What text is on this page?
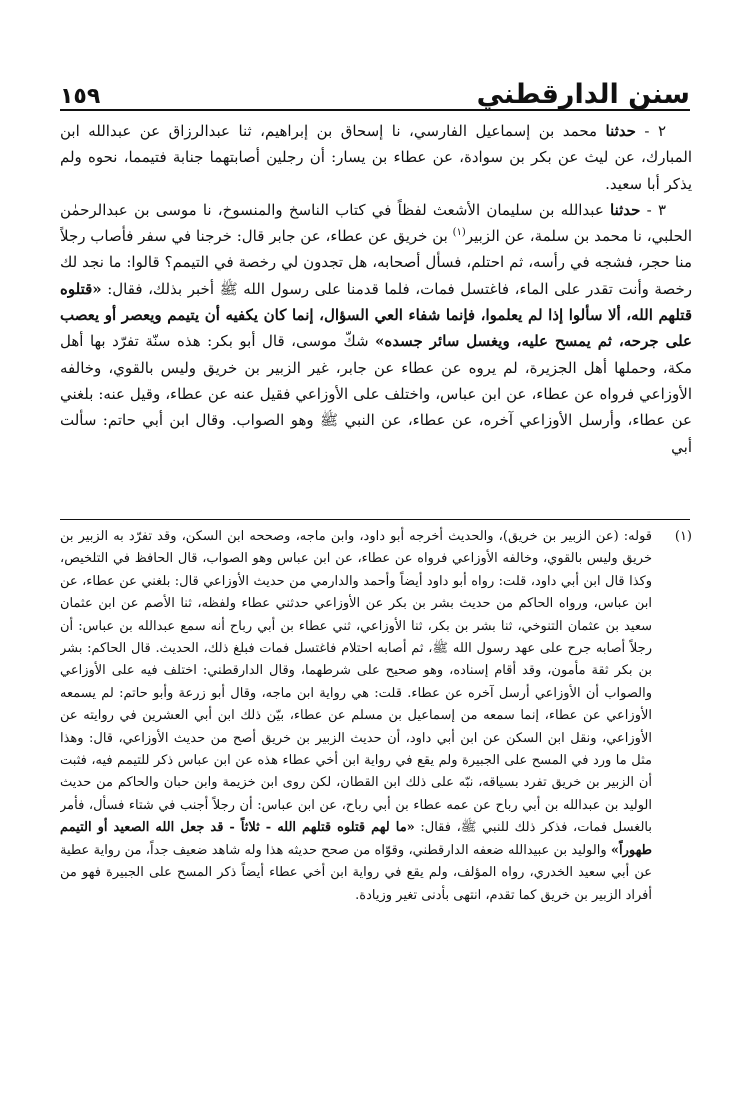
سنن الدارقطني
١٥٩

٢ - حدثنا محمد بن إسماعيل الفارسي، نا إسحاق بن إبراهيم، ثنا عبدالرزاق عن عبدالله ابن المبارك، عن ليث عن بكر بن سوادة، عن عطاء بن يسار: أن رجلين أصابتهما جنابة فتيمما، نحوه ولم يذكر أبا سعيد.

٣ - حدثنا عبدالله بن سليمان الأشعث لفظاً في كتاب الناسخ والمنسوخ، نا موسى بن عبدالرحمٰن الحلبي، نا محمد بن سلمة، عن الزبير$^{(١)}$ بن خريق عن عطاء، عن جابر قال: خرجنا في سفر فأصاب رجلاً منا حجر، فشجه في رأسه، ثم احتلم، فسأل أصحابه، هل تجدون لي رخصة في التيمم؟ قالوا: ما نجد لك رخصة وأنت تقدر على الماء، فاغتسل فمات، فلما قدمنا على رسول الله ﷺ أخبر بذلك، فقال: «قتلوه قتلهم الله، ألا سألوا إذا لم يعلموا، فإنما شفاء العي السؤال، إنما كان يكفيه أن يتيمم ويعصر أو يعصب على جرحه، ثم يمسح عليه، ويغسل سائر جسده» شكّ موسى، قال أبو بكر: هذه سنّة تفرّد بها أهل مكة، وحملها أهل الجزيرة، لم يروه عن عطاء عن جابر، غير الزبير بن خريق وليس بالقوي، وخالفه الأوزاعي فرواه عن عطاء، عن ابن عباس، واختلف على الأوزاعي فقيل عنه عن عطاء، وقيل عنه: بلغني عن عطاء، وأرسل الأوزاعي آخره، عن عطاء، عن النبي ﷺ وهو الصواب. وقال ابن أبي حاتم: سألت أبي

(١)
قوله: (عن الزبير بن خريق)، والحديث أخرجه أبو داود، وابن ماجه، وصححه ابن السكن، وقد تفرّد به الزبير بن خريق وليس بالقوي، وخالفه الأوزاعي فرواه عن عطاء، عن ابن عباس وهو الصواب، قال الحافظ في التلخيص، وكذا قال ابن أبي داود، قلت: رواه أبو داود أيضاً وأحمد والدارمي من حديث الأوزاعي قال: بلغني عن عطاء، عن ابن عباس، ورواه الحاكم من حديث بشر بن بكر عن الأوزاعي حدثني عطاء ولفظه، ثنا الأصم عن ابن عثمان سعيد بن عثمان التنوخي، ثنا بشر بن بكر، ثنا الأوزاعي، ثني عطاء بن أبي رباح أنه سمع عبدالله بن عباس: أن رجلاً أصابه جرح على عهد رسول الله ﷺ، ثم أصابه احتلام فاغتسل فمات فبلغ ذلك، الحديث. قال الحاكم: بشر بن بكر ثقة مأمون، وقد أقام إسناده، وهو صحيح على شرطهما، وقال الدارقطني: اختلف فيه على الأوزاعي والصواب أن الأوزاعي أرسل آخره عن عطاء. قلت: هي رواية ابن ماجه، وقال أبو زرعة وأبو حاتم: لم يسمعه الأوزاعي عن عطاء، إنما سمعه من إسماعيل بن مسلم عن عطاء، بيّن ذلك ابن أبي العشرين في روايته عن الأوزاعي، ونقل ابن السكن عن ابن أبي داود، أن حديث الزبير بن خريق أصح من حديث الأوزاعي، قال: وهذا مثل ما ورد في المسح على الجبيرة ولم يقع في رواية ابن أخي عطاء هذه عن ابن عباس ذكر للتيمم فيه، فثبت أن الزبير بن خريق تفرد بسياقه، نبّه على ذلك ابن القطان، لكن روى ابن خزيمة وابن حبان والحاكم من حديث الوليد بن عبدالله بن أبي رباح عن عمه عطاء بن أبي رباح، عن ابن عباس: أن رجلاً أجنب في شتاء فسأل، فأمر بالغسل فمات، فذكر ذلك للنبي ﷺ، فقال: «ما لهم قتلوه قتلهم الله - ثلاثاً - قد جعل الله الصعيد أو التيمم طهوراً» والوليد بن عبيدالله ضعفه الدارقطني، وقوّاه من صحح حديثه هذا وله شاهد ضعيف جداً، من رواية عطية عن أبي سعيد الخدري، رواه المؤلف، ولم يقع في رواية ابن أخي عطاء أيضاً ذكر المسح على الجبيرة فهو من أفراد الزبير بن خريق كما تقدم، انتهى بأدنى تغير وزيادة.
